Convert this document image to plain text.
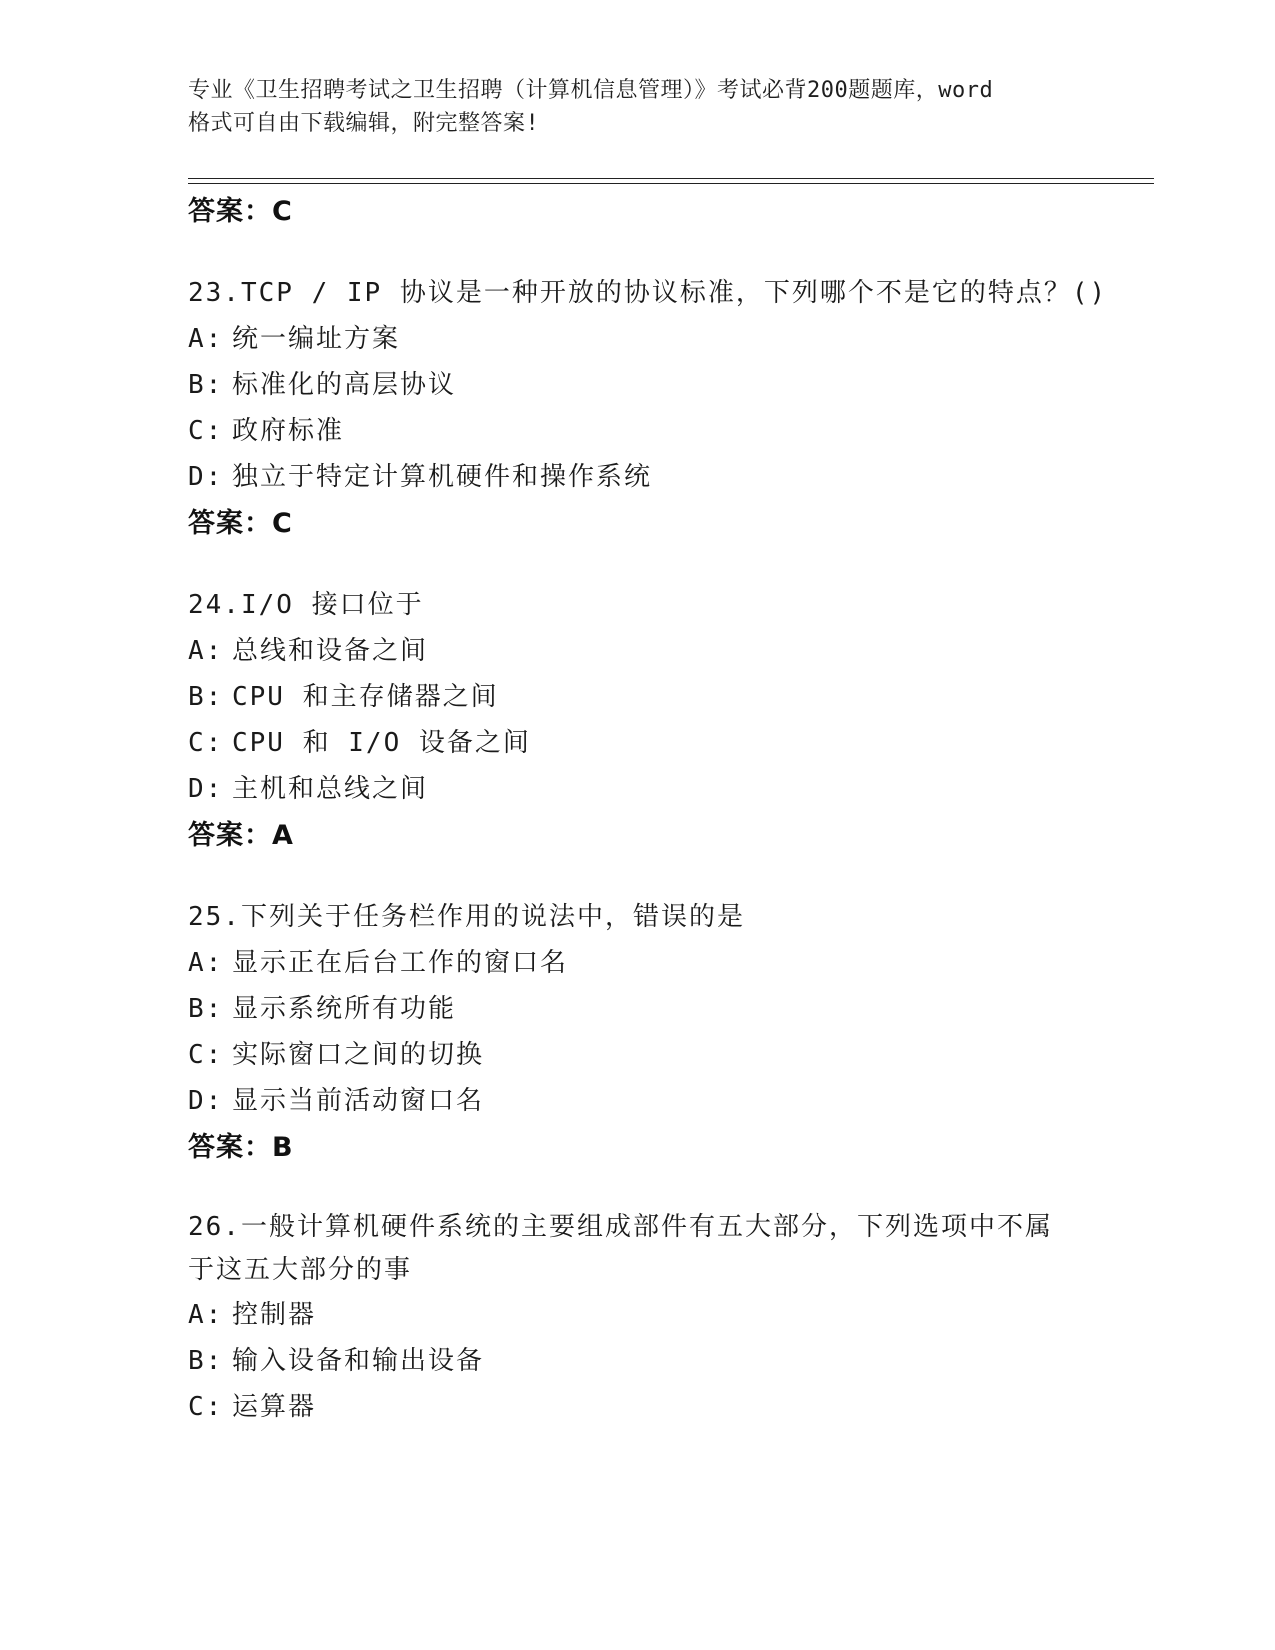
专业《卫生招聘考试之卫生招聘（计算机信息管理）》考试必背200题题库，word
格式可自由下载编辑，附完整答案!
答案：C
23.TCP / IP 协议是一种开放的协议标准，下列哪个不是它的特点？()
A: 统一编址方案
B: 标准化的高层协议
C: 政府标准
D: 独立于特定计算机硬件和操作系统
答案：C
24.I/O 接口位于
A: 总线和设备之间
B: CPU 和主存储器之间
C: CPU 和 I/O 设备之间
D: 主机和总线之间
答案：A
25.下列关于任务栏作用的说法中，错误的是
A: 显示正在后台工作的窗口名
B: 显示系统所有功能
C: 实际窗口之间的切换
D: 显示当前活动窗口名
答案：B
26.一般计算机硬件系统的主要组成部件有五大部分，下列选项中不属于这五大部分的事
A: 控制器
B: 输入设备和输出设备
C: 运算器
